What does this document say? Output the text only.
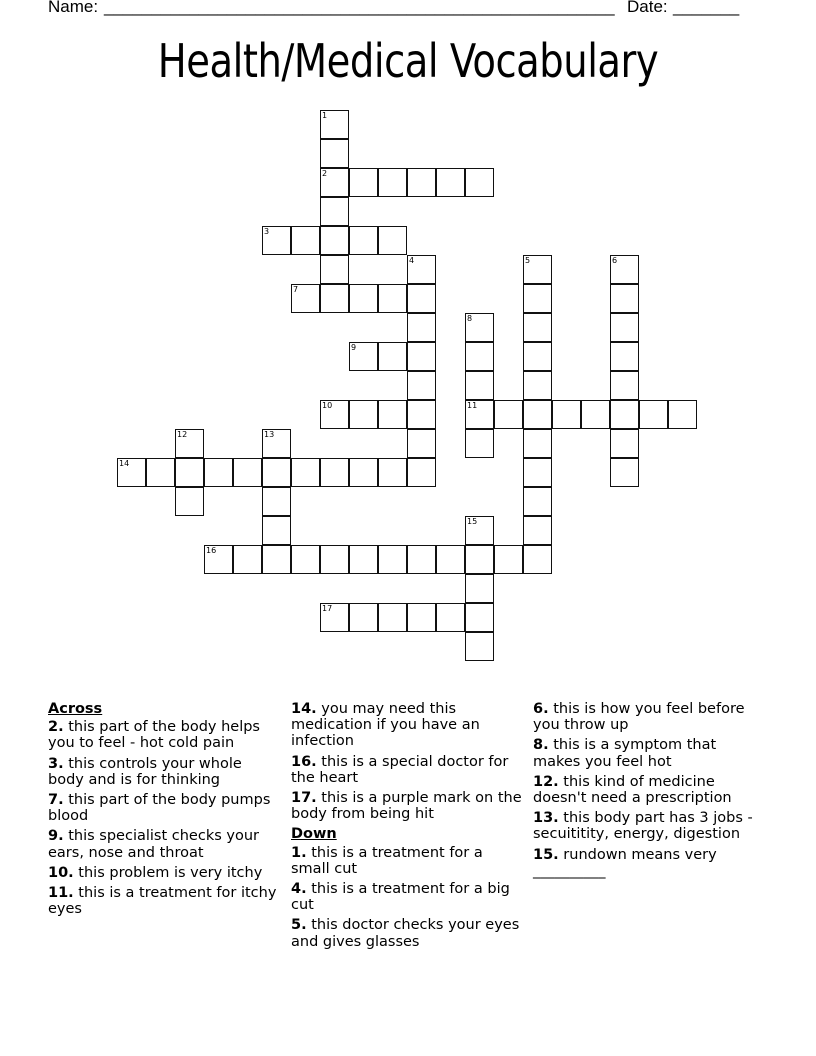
Name: ______________________________________________________ Date: _______
Health/Medical Vocabulary
1
2
3
4	5	6
7
8
11
9
10
12	13
14
15
16
17
Across
2. this part of the body helps you to feel - hot cold pain
3. this controls your whole body and is for thinking
7. this part of the body pumps blood
9. this specialist checks your ears, nose and throat
10. this problem is very itchy
11. this is a treatment for itchy eyes
14. you may need this medication if you have an infection
16. this is a special doctor for the heart
17. this is a purple mark on the body from being hit
Down
1. this is a treatment for a small cut
4. this is a treatment for a big cut
5. this doctor checks your eyes and gives glasses
6. this is how you feel before you throw up
8. this is a symptom that makes you feel hot
12. this kind of medicine doesn't need a prescription
13. this body part has 3 jobs - secuititity, energy, digestion
15. rundown means very __________
